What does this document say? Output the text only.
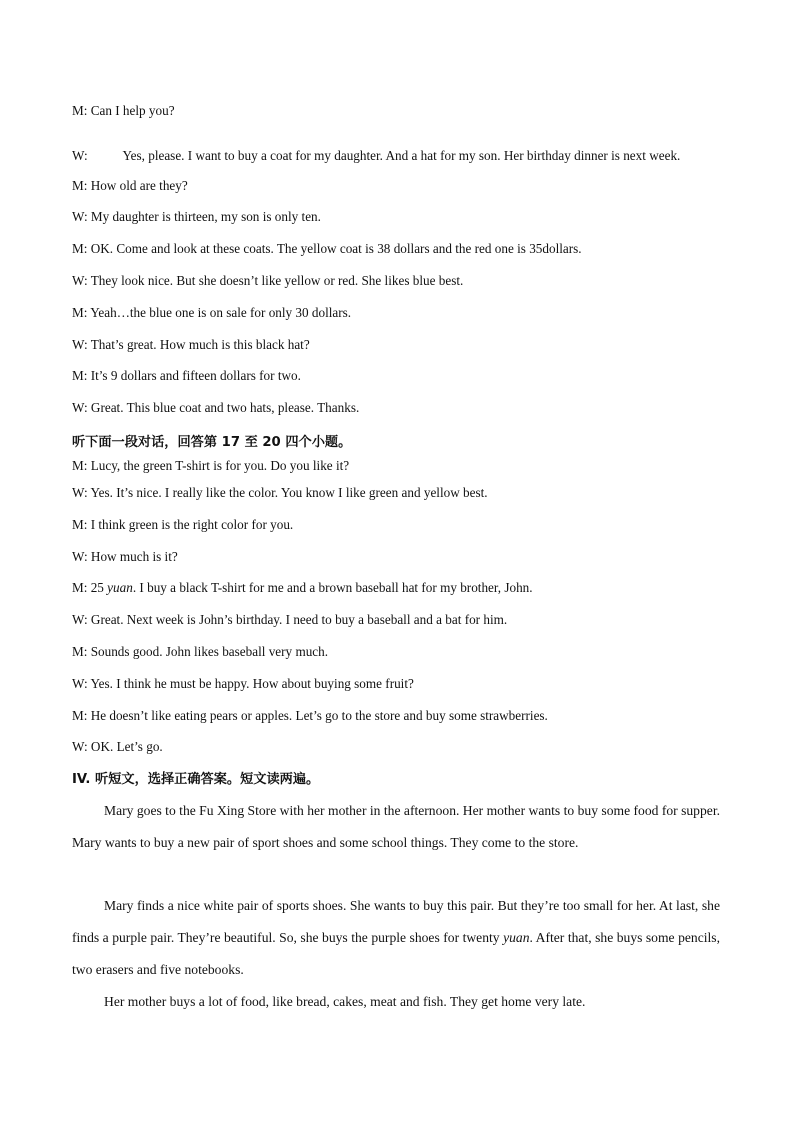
M: Can I help you?
W:	Yes, please. I want to buy a coat for my daughter. And a hat for my son. Her birthday dinner is next week.
M: How old are they?
W: My daughter is thirteen, my son is only ten.
M: OK. Come and look at these coats. The yellow coat is 38 dollars and the red one is 35dollars.
W: They look nice. But she doesn’t like yellow or red. She likes blue best.
M: Yeah…the blue one is on sale for only 30 dollars.
W: That’s great. How much is this black hat?
M: It’s 9 dollars and fifteen dollars for two.
W: Great. This blue coat and two hats, please. Thanks.
听下面一段对话，回答第 17 至 20 四个小题。
M: Lucy, the green T-shirt is for you. Do you like it?
W: Yes. It’s nice. I really like the color. You know I like green and yellow best.
M: I think green is the right color for you.
W: How much is it?
M: 25 yuan. I buy a black T-shirt for me and a brown baseball hat for my brother, John.
W: Great. Next week is John’s birthday. I need to buy a baseball and a bat for him.
M: Sounds good. John likes baseball very much.
W: Yes. I think he must be happy. How about buying some fruit?
M: He doesn’t like eating pears or apples. Let’s go to the store and buy some strawberries.
W: OK. Let’s go.
IV. 听短文，选择正确答案。短文读两遍。
Mary goes to the Fu Xing Store with her mother in the afternoon. Her mother wants to buy some food for supper. Mary wants to buy a new pair of sport shoes and some school things. They come to the store.
Mary finds a nice white pair of sports shoes. She wants to buy this pair. But they’re too small for her. At last, she finds a purple pair. They’re beautiful. So, she buys the purple shoes for twenty yuan. After that, she buys some pencils, two erasers and five notebooks.
Her mother buys a lot of food, like bread, cakes, meat and fish. They get home very late.
